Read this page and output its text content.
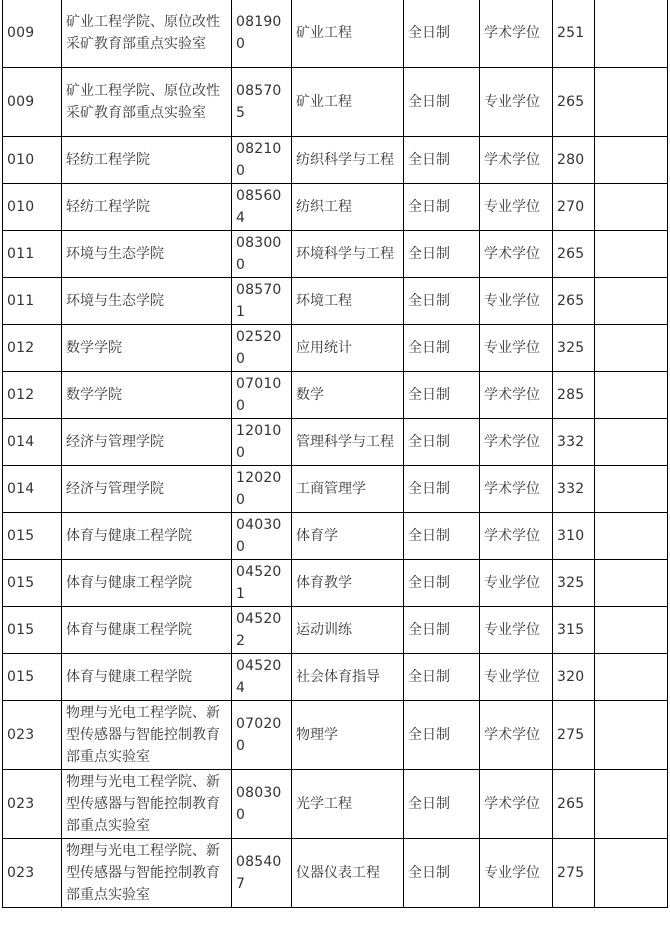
009	矿业工程学院、原位改性采矿教育部重点实验室	081900	矿业工程	全日制	学术学位	251	
009	矿业工程学院、原位改性采矿教育部重点实验室	085705	矿业工程	全日制	专业学位	265	
010	轻纺工程学院	082100	纺织科学与工程	全日制	学术学位	280	
010	轻纺工程学院	085604	纺织工程	全日制	专业学位	270	
011	环境与生态学院	083000	环境科学与工程	全日制	学术学位	265	
011	环境与生态学院	085701	环境工程	全日制	专业学位	265	
012	数学学院	025200	应用统计	全日制	专业学位	325	
012	数学学院	070100	数学	全日制	学术学位	285	
014	经济与管理学院	120100	管理科学与工程	全日制	学术学位	332	
014	经济与管理学院	120200	工商管理学	全日制	学术学位	332	
015	体育与健康工程学院	040300	体育学	全日制	学术学位	310	
015	体育与健康工程学院	045201	体育教学	全日制	专业学位	325	
015	体育与健康工程学院	045202	运动训练	全日制	专业学位	315	
015	体育与健康工程学院	045204	社会体育指导	全日制	专业学位	320	
023	物理与光电工程学院、新型传感器与智能控制教育部重点实验室	070200	物理学	全日制	学术学位	275	
023	物理与光电工程学院、新型传感器与智能控制教育部重点实验室	080300	光学工程	全日制	学术学位	265	
023	物理与光电工程学院、新型传感器与智能控制教育部重点实验室	085407	仪器仪表工程	全日制	专业学位	275	
